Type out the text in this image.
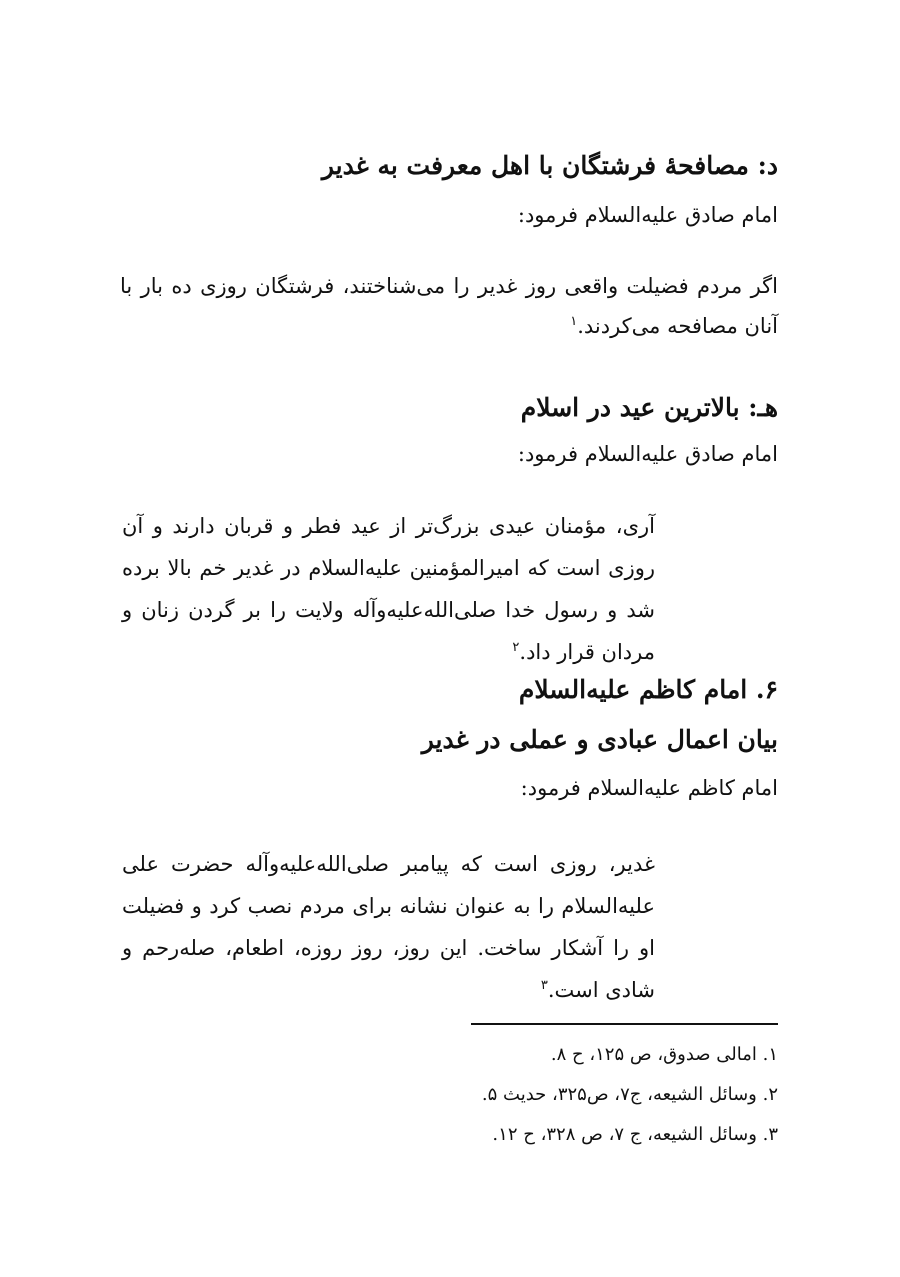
د: مصافحهٔ فرشتگان با اهل معرفت به غدیر
امام صادق علیه‌السلام فرمود:
اگر مردم فضیلت واقعی روز غدیر را می‌شناختند، فرشتگان روزی ده بار با آنان مصافحه می‌کردند.$^۱$
هـ: بالاترین عید در اسلام
امام صادق علیه‌السلام فرمود:
آری، مؤمنان عیدی بزرگ‌تر از عید فطر و قربان دارند و آن روزی است که امیرالمؤمنین علیه‌السلام در غدیر خم بالا برده شد و رسول خدا صلی‌الله‌علیه‌وآله ولایت را بر گردن زنان و مردان قرار داد.$^۲$
۶. امام کاظم علیه‌السلام
بیان اعمال عبادی و عملی در غدیر
امام کاظم علیه‌السلام فرمود:
غدیر، روزی است که پیامبر صلی‌الله‌علیه‌وآله حضرت علی علیه‌السلام را به عنوان نشانه برای مردم نصب کرد و فضیلت او را آشکار ساخت. این روز، روز روزه، اطعام، صله‌رحم و شادی است.$^۳$
۱. امالی صدوق، ص ۱۲۵، ح ۸.
۲. وسائل الشیعه، ج۷، ص۳۲۵، حدیث ۵.
۳. وسائل الشیعه، ج ۷، ص ۳۲۸، ح ۱۲.
